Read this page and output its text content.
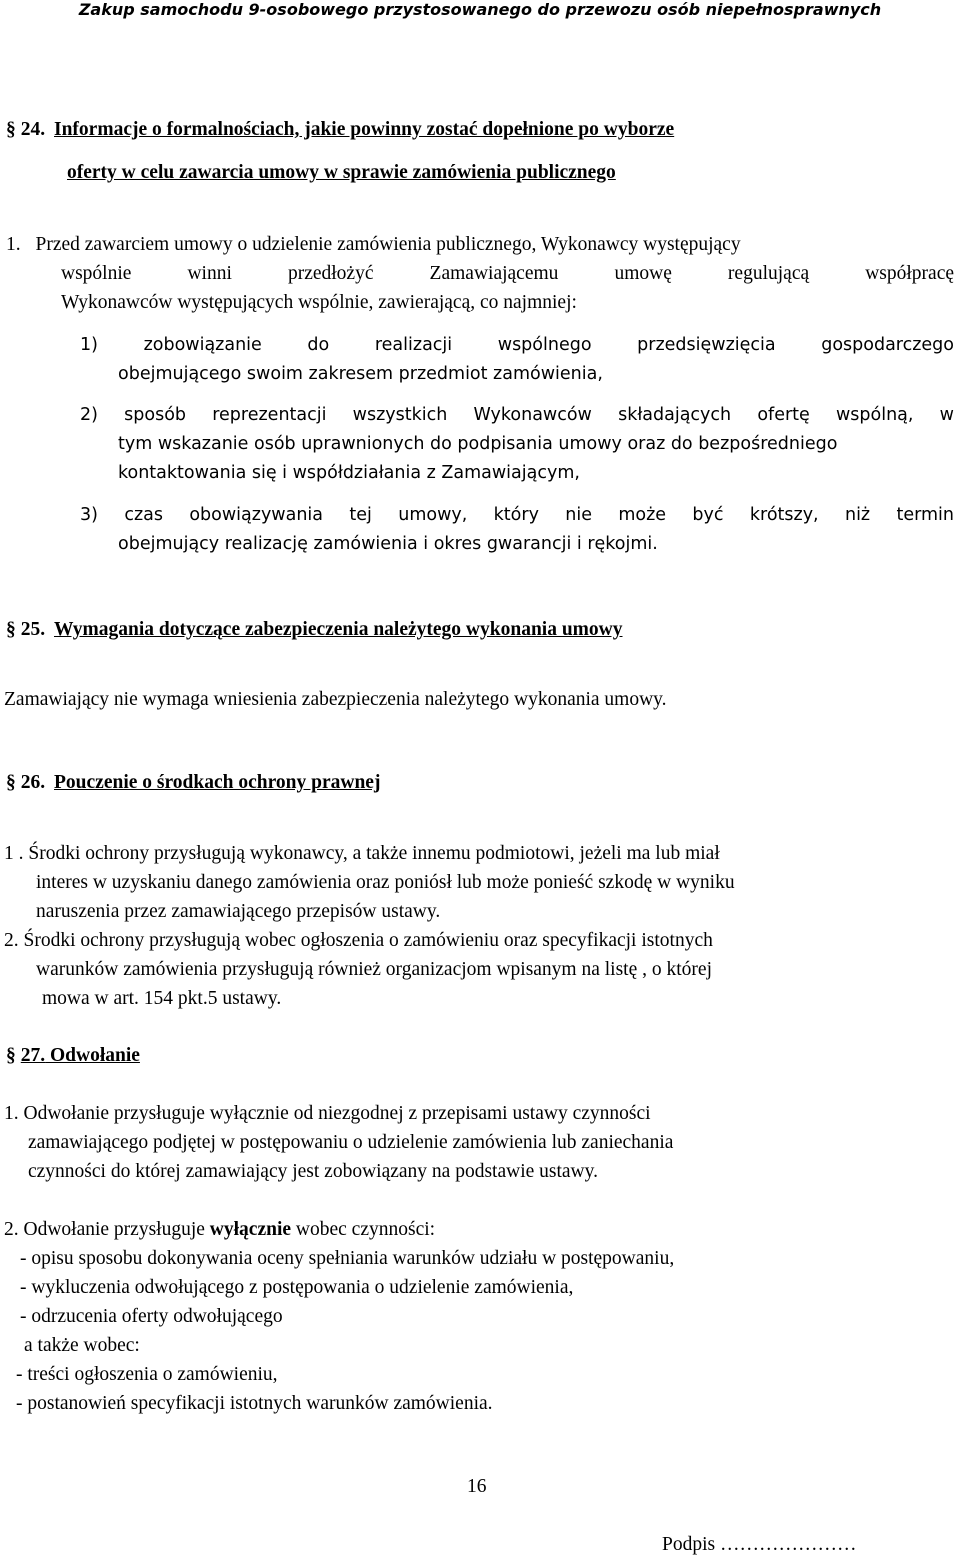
Zakup samochodu 9-osobowego przystosowanego do przewozu osób niepełnosprawnych
§ 24. Informacje o formalnościach, jakie powinny zostać dopełnione po wyborze
oferty w celu zawarcia umowy w sprawie zamówienia publicznego
1. Przed zawarciem umowy o udzielenie zamówienia publicznego, Wykonawcy występujący
wspólnie winni przedłożyć Zamawiającemu umowę regulującą współpracę
Wykonawców występujących wspólnie, zawierającą, co najmniej:
1) zobowiązanie do realizacji wspólnego przedsięwzięcia gospodarczego
obejmującego swoim zakresem przedmiot zamówienia,
2) sposób reprezentacji wszystkich Wykonawców składających ofertę wspólną, w
tym wskazanie osób uprawnionych do podpisania umowy oraz do bezpośredniego
kontaktowania się i współdziałania z Zamawiającym,
3) czas obowiązywania tej umowy, który nie może być krótszy, niż termin
obejmujący realizację zamówienia i okres gwarancji i rękojmi.
§ 25. Wymagania dotyczące zabezpieczenia należytego wykonania umowy
Zamawiający nie wymaga wniesienia zabezpieczenia należytego wykonania umowy.
§ 26. Pouczenie o środkach ochrony prawnej
1 . Środki ochrony przysługują wykonawcy, a także innemu podmiotowi, jeżeli ma lub miał
interes w uzyskaniu danego zamówienia oraz poniósł lub może ponieść szkodę w wyniku
naruszenia przez zamawiającego przepisów ustawy.
2. Środki ochrony przysługują wobec ogłoszenia o zamówieniu oraz specyfikacji istotnych
warunków zamówienia przysługują również organizacjom wpisanym na listę , o której
mowa w art. 154 pkt.5 ustawy.
§ 27. Odwołanie
1. Odwołanie przysługuje wyłącznie od niezgodnej z przepisami ustawy czynności
zamawiającego podjętej w postępowaniu o udzielenie zamówienia lub zaniechania
czynności do której zamawiający jest zobowiązany na podstawie ustawy.
2. Odwołanie przysługuje wyłącznie wobec czynności:
- opisu sposobu dokonywania oceny spełniania warunków udziału w postępowaniu,
- wykluczenia odwołującego z postępowania o udzielenie zamówienia,
- odrzucenia oferty odwołującego
a także wobec:
- treści ogłoszenia o zamówieniu,
- postanowień specyfikacji istotnych warunków zamówienia.
16
Podpis …………………
